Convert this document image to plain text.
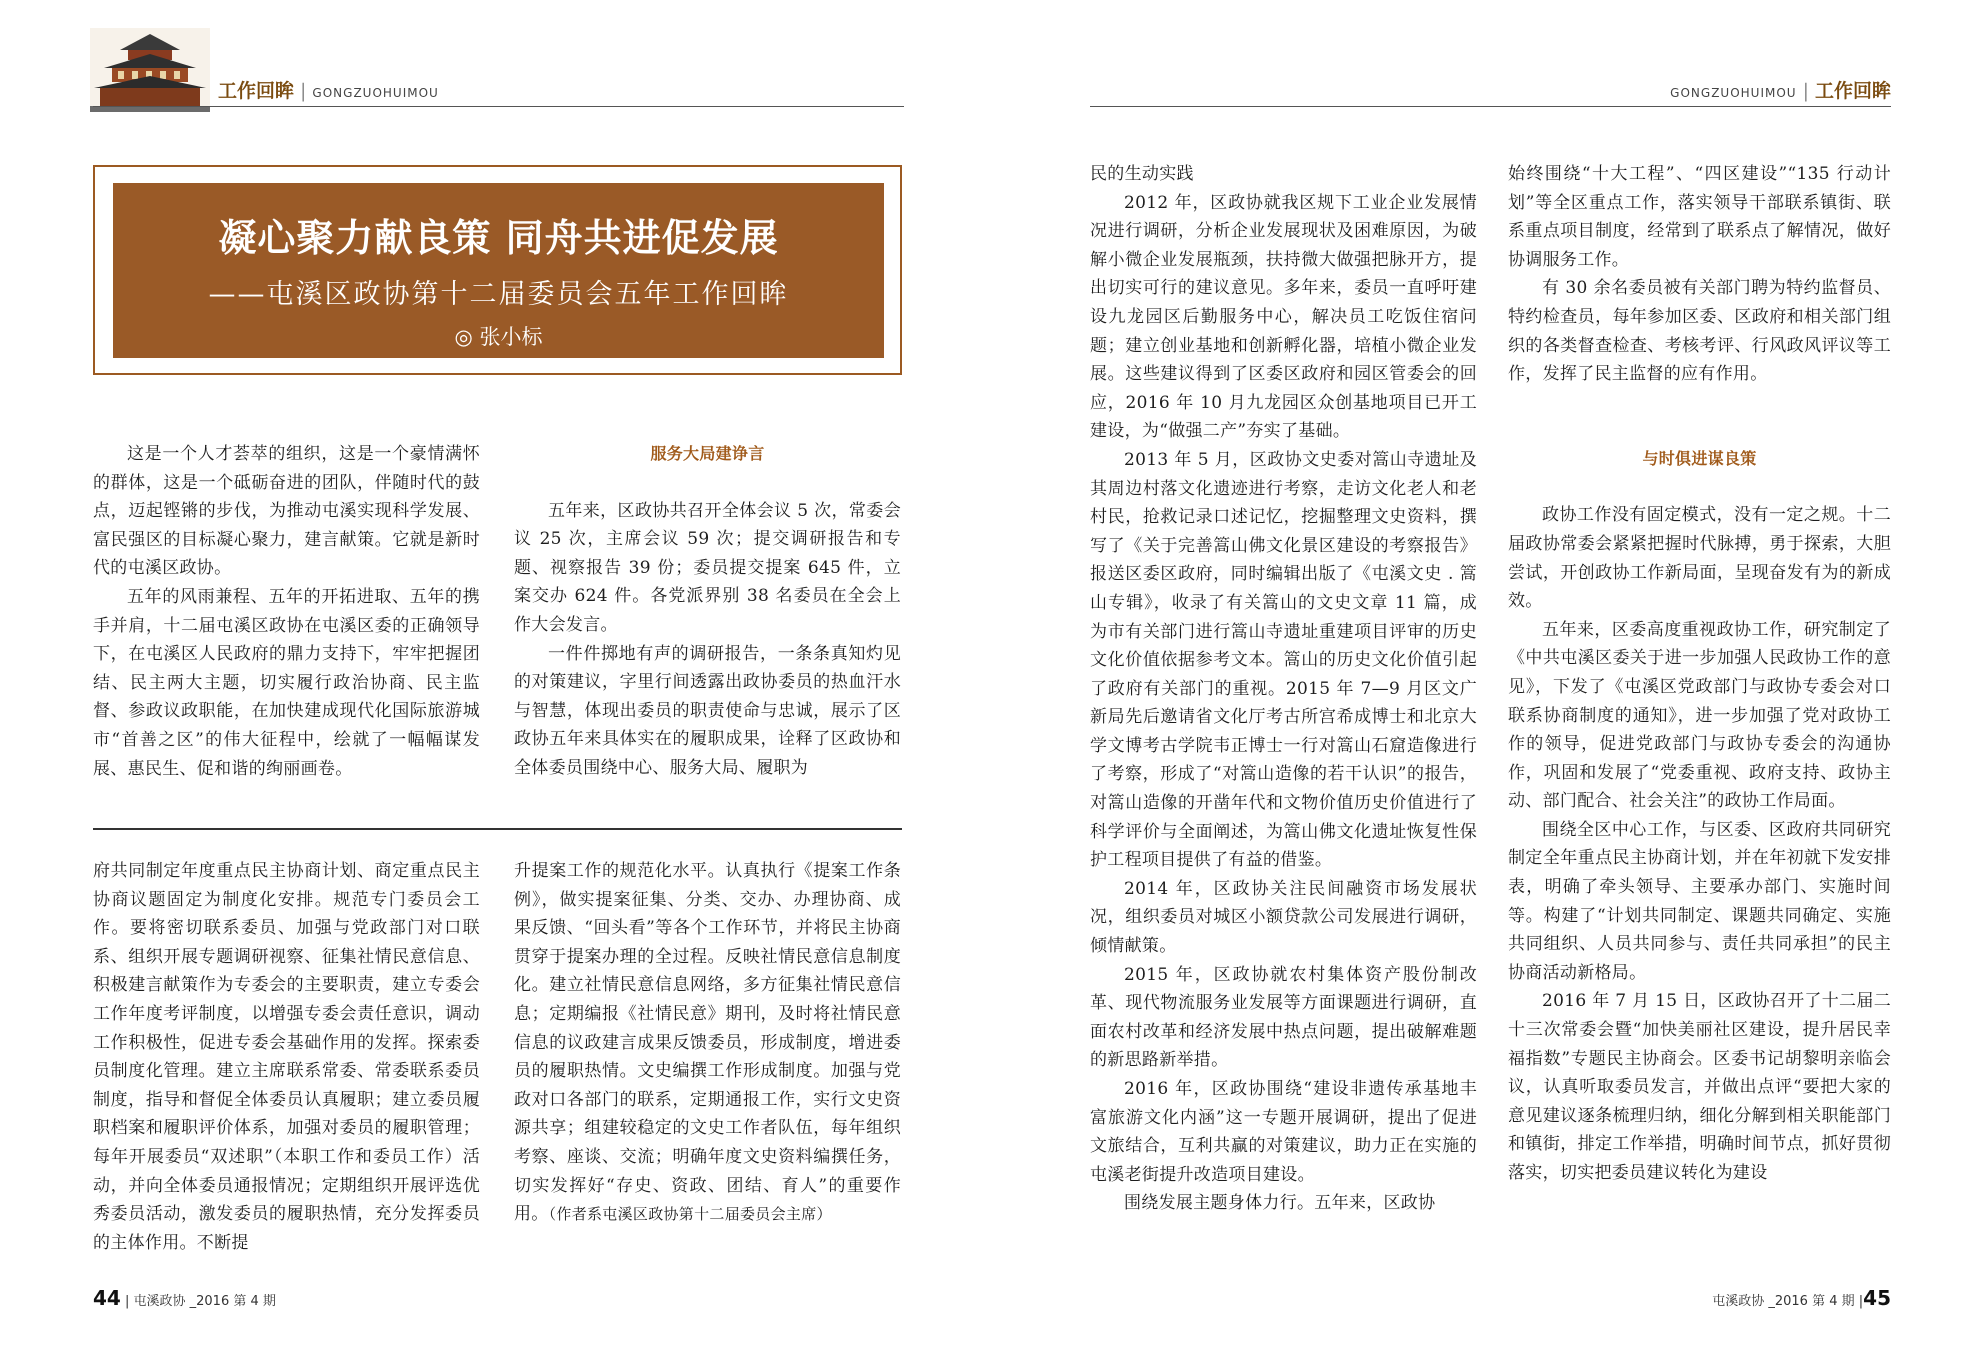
工作回眸 | GONGZUOHUIMOU	GONGZUOHUIMOU | 工作回眸
凝心聚力献良策 同舟共进促发展
——屯溪区政协第十二届委员会五年工作回眸
◎ 张小标

这是一个人才荟萃的组织，这是一个豪情满怀的群体，这是一个砥砺奋进的团队，伴随时代的鼓点，迈起铿锵的步伐，为推动屯溪实现科学发展、富民强区的目标凝心聚力，建言献策。它就是新时代的屯溪区政协。

五年的风雨兼程、五年的开拓进取、五年的携手并肩，十二届屯溪区政协在屯溪区委的正确领导下，在屯溪区人民政府的鼎力支持下，牢牢把握团结、民主两大主题，切实履行政治协商、民主监督、参政议政职能，在加快建成现代化国际旅游城市“首善之区”的伟大征程中，绘就了一幅幅谋发展、惠民生、促和谐的绚丽画卷。

服务大局建诤言

五年来，区政协共召开全体会议 5 次，常委会议 25 次，主席会议 59 次；提交调研报告和专题、视察报告 39 份；委员提交提案 645 件，立案交办 624 件。各党派界别 38 名委员在全会上作大会发言。

一件件掷地有声的调研报告，一条条真知灼见的对策建议，字里行间透露出政协委员的热血汗水与智慧，体现出委员的职责使命与忠诚，展示了区政协五年来具体实在的履职成果，诠释了区政协和全体委员围绕中心、服务大局、履职为

府共同制定年度重点民主协商计划、商定重点民主协商议题固定为制度化安排。规范专门委员会工作。要将密切联系委员、加强与党政部门对口联系、组织开展专题调研视察、征集社情民意信息、积极建言献策作为专委会的主要职责，建立专委会工作年度考评制度，以增强专委会责任意识，调动工作积极性，促进专委会基础作用的发挥。探索委员制度化管理。建立主席联系常委、常委联系委员制度，指导和督促全体委员认真履职；建立委员履职档案和履职评价体系，加强对委员的履职管理；每年开展委员“双述职”（本职工作和委员工作）活动，并向全体委员通报情况；定期组织开展评选优秀委员活动，激发委员的履职热情，充分发挥委员的主体作用。不断提

升提案工作的规范化水平。认真执行《提案工作条例》，做实提案征集、分类、交办、办理协商、成果反馈、“回头看”等各个工作环节，并将民主协商贯穿于提案办理的全过程。反映社情民意信息制度化。建立社情民意信息网络，多方征集社情民意信息；定期编报《社情民意》期刊，及时将社情民意信息的议政建言成果反馈委员，形成制度，增进委员的履职热情。文史编撰工作形成制度。加强与党政对口各部门的联系，定期通报工作，实行文史资源共享；组建较稳定的文史工作者队伍，每年组织考察、座谈、交流；明确年度文史资料编撰任务，切实发挥好“存史、资政、团结、育人”的重要作用。（作者系屯溪区政协第十二届委员会主席）

民的生动实践

2012 年，区政协就我区规下工业企业发展情况进行调研，分析企业发展现状及困难原因，为破解小微企业发展瓶颈，扶持微大做强把脉开方，提出切实可行的建议意见。多年来，委员一直呼吁建设九龙园区后勤服务中心，解决员工吃饭住宿问题；建立创业基地和创新孵化器，培植小微企业发展。这些建议得到了区委区政府和园区管委会的回应，2016 年 10 月九龙园区众创基地项目已开工建设，为“做强二产”夯实了基础。

2013 年 5 月，区政协文史委对篙山寺遗址及其周边村落文化遗迹进行考察，走访文化老人和老村民，抢救记录口述记忆，挖掘整理文史资料，撰写了《关于完善篙山佛文化景区建设的考察报告》报送区委区政府，同时编辑出版了《屯溪文史 . 篙山专辑》，收录了有关篙山的文史文章 11 篇，成为市有关部门进行篙山寺遗址重建项目评审的历史文化价值依据参考文本。篙山的历史文化价值引起了政府有关部门的重视。2015 年 7—9 月区文广新局先后邀请省文化厅考古所宫希成博士和北京大学文博考古学院韦正博士一行对篙山石窟造像进行了考察，形成了“对篙山造像的若干认识”的报告，对篙山造像的开凿年代和文物价值历史价值进行了科学评价与全面阐述，为篙山佛文化遗址恢复性保护工程项目提供了有益的借鉴。

2014 年，区政协关注民间融资市场发展状况，组织委员对城区小额贷款公司发展进行调研，倾情献策。

2015 年，区政协就农村集体资产股份制改革、现代物流服务业发展等方面课题进行调研，直面农村改革和经济发展中热点问题，提出破解难题的新思路新举措。

2016 年，区政协围绕“建设非遗传承基地丰富旅游文化内涵”这一专题开展调研，提出了促进文旅结合，互利共赢的对策建议，助力正在实施的屯溪老街提升改造项目建设。

围绕发展主题身体力行。五年来，区政协

始终围绕“十大工程”、“四区建设”“135 行动计划”等全区重点工作，落实领导干部联系镇街、联系重点项目制度，经常到了联系点了解情况，做好协调服务工作。

有 30 余名委员被有关部门聘为特约监督员、特约检查员，每年参加区委、区政府和相关部门组织的各类督查检查、考核考评、行风政风评议等工作，发挥了民主监督的应有作用。

与时俱进谋良策

政协工作没有固定模式，没有一定之规。十二届政协常委会紧紧把握时代脉搏，勇于探索，大胆尝试，开创政协工作新局面，呈现奋发有为的新成效。

五年来，区委高度重视政协工作，研究制定了《中共屯溪区委关于进一步加强人民政协工作的意见》，下发了《屯溪区党政部门与政协专委会对口联系协商制度的通知》，进一步加强了党对政协工作的领导，促进党政部门与政协专委会的沟通协作，巩固和发展了“党委重视、政府支持、政协主动、部门配合、社会关注”的政协工作局面。

围绕全区中心工作，与区委、区政府共同研究制定全年重点民主协商计划，并在年初就下发安排表，明确了牵头领导、主要承办部门、实施时间等。构建了“计划共同制定、课题共同确定、实施共同组织、人员共同参与、责任共同承担”的民主协商活动新格局。

2016 年 7 月 15 日，区政协召开了十二届二十三次常委会暨“加快美丽社区建设，提升居民幸福指数”专题民主协商会。区委书记胡黎明亲临会议，认真听取委员发言，并做出点评“要把大家的意见建议逐条梳理归纳，细化分解到相关职能部门和镇街，排定工作举措，明确时间节点，抓好贯彻落实，切实把委员建议转化为建设

44 | 屯溪政协 _2016 第 4 期	屯溪政协 _2016 第 4 期 |45
